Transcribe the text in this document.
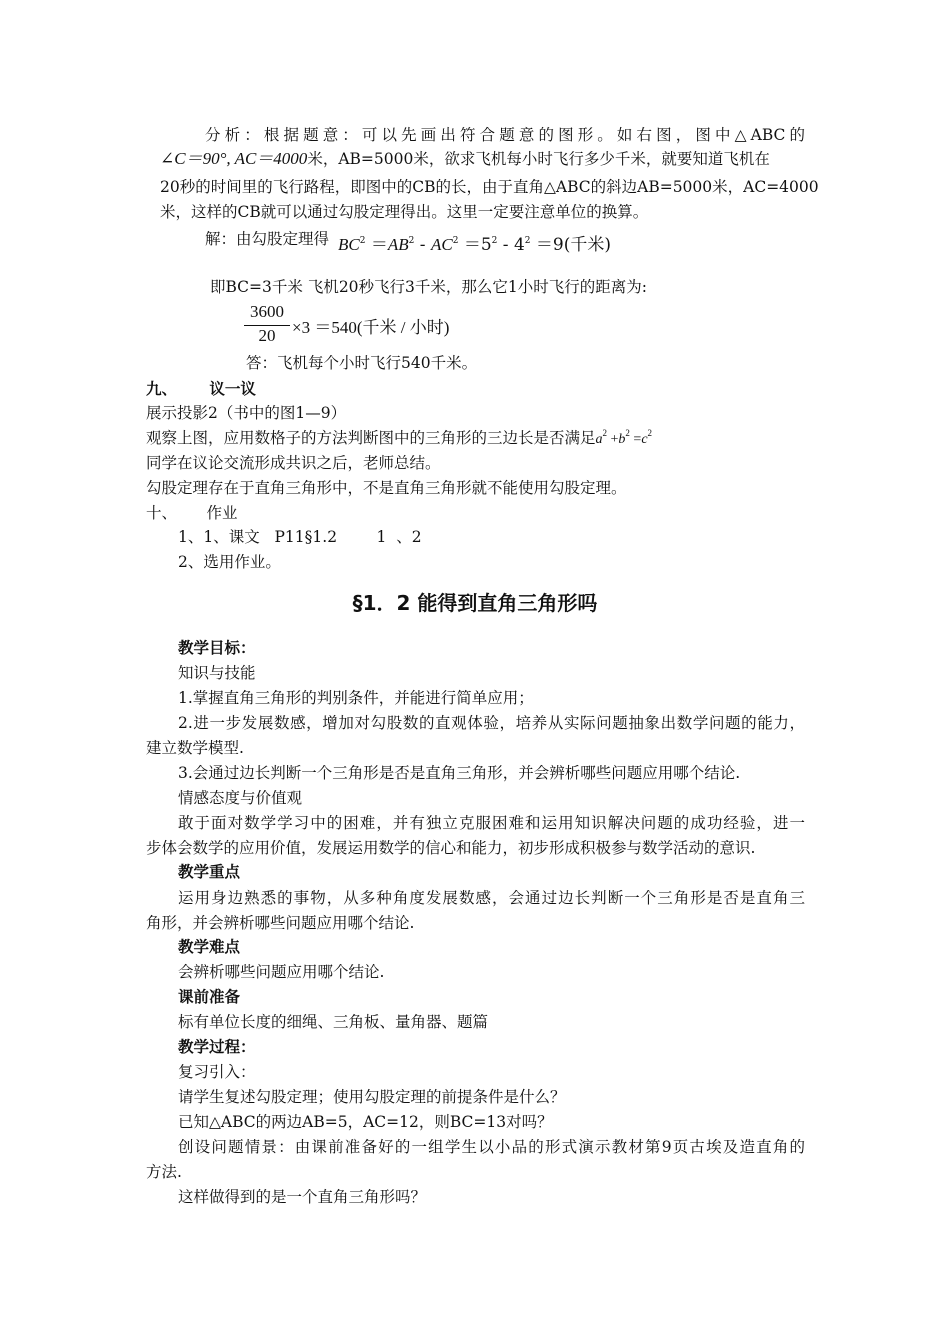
分析：根据题意：可以先画出符合题意的图形。如右图，图中△ABC的
∠C＝90°, AC＝4000米，AB=5000米，欲求飞机每小时飞行多少千米，就要知道飞机在
20秒的时间里的飞行路程，即图中的CB的长，由于直角△ABC的斜边AB=5000米，AC=4000
米，这样的CB就可以通过勾股定理得出。这里一定要注意单位的换算。
解：由勾股定理得 $BC^2 =AB^2 - AC^2 =5^2 - 4^2 =9$(千米)
即BC=3千米 飞机20秒飞行3千米，那么它1小时飞行的距离为:
3600
20 ×3 ＝540(千米 / 小时)
答：飞机每个小时飞行540千米。
九、      议一议
展示投影2（书中的图1—9）
观察上图，应用数格子的方法判断图中的三角形的三边长是否满足$a^2 +b^2 =c^2$
同学在议论交流形成共识之后，老师总结。
勾股定理存在于直角三角形中，不是直角三角形就不能使用勾股定理。
十、      作业
1、1、课文   P11§1.2        1  、2
2、选用作业。
§1．2 能得到直角三角形吗
教学目标：
知识与技能
1.掌握直角三角形的判别条件，并能进行简单应用；
2.进一步发展数感，增加对勾股数的直观体验，培养从实际问题抽象出数学问题的能力，
建立数学模型.
3.会通过边长判断一个三角形是否是直角三角形，并会辨析哪些问题应用哪个结论.
情感态度与价值观
敢于面对数学学习中的困难，并有独立克服困难和运用知识解决问题的成功经验，进一
步体会数学的应用价值，发展运用数学的信心和能力，初步形成积极参与数学活动的意识.
教学重点
运用身边熟悉的事物，从多种角度发展数感，会通过边长判断一个三角形是否是直角三
角形，并会辨析哪些问题应用哪个结论.
教学难点
会辨析哪些问题应用哪个结论.
课前准备
标有单位长度的细绳、三角板、量角器、题篇
教学过程：
复习引入：
请学生复述勾股定理；使用勾股定理的前提条件是什么？
已知△ABC的两边AB=5，AC=12，则BC=13对吗？
创设问题情景：由课前准备好的一组学生以小品的形式演示教材第9页古埃及造直角的
方法.
这样做得到的是一个直角三角形吗？
